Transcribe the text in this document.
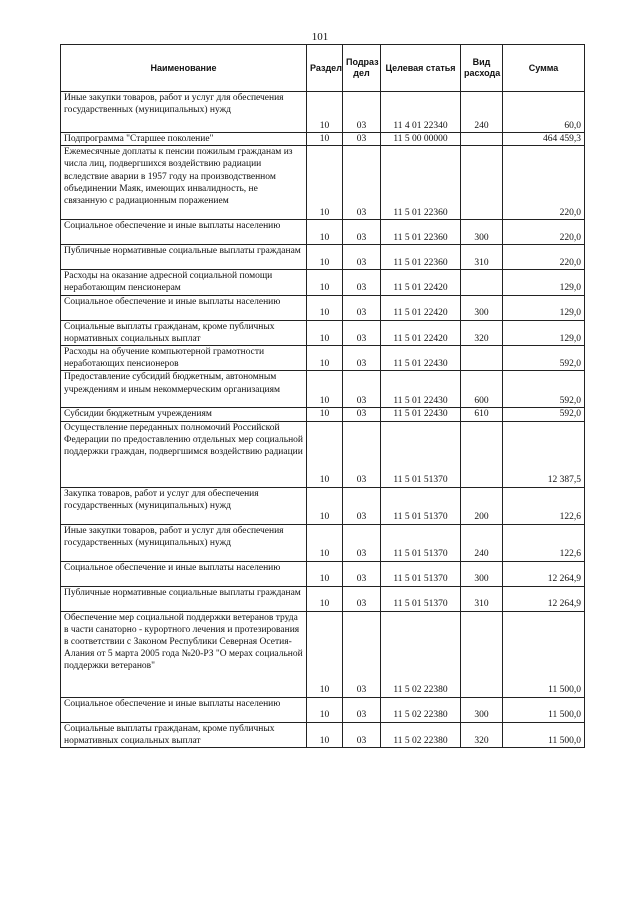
101
Наименование	Раздел	Подраз дел	Целевая статья	Вид расхода	Сумма
Иные закупки товаров, работ и услуг для обеспечения государственных (муниципальных) нужд	10	03	11 4 01 22340	240	60,0
Подпрограмма "Старшее поколение"	10	03	11 5 00 00000		464 459,3
Ежемесячные доплаты к пенсии пожилым гражданам из числа лиц, подвергшихся воздействию радиации вследствие аварии в 1957 году на производственном объединении Маяк, имеющих инвалидность, не связанную с радиационным поражением	10	03	11 5 01 22360		220,0
Социальное обеспечение и иные выплаты населению	10	03	11 5 01 22360	300	220,0
Публичные нормативные социальные выплаты гражданам	10	03	11 5 01 22360	310	220,0
Расходы на оказание адресной социальной помощи неработающим пенсионерам	10	03	11 5 01 22420		129,0
Социальное обеспечение и иные выплаты населению	10	03	11 5 01 22420	300	129,0
Социальные выплаты гражданам, кроме публичных нормативных социальных выплат	10	03	11 5 01 22420	320	129,0
Расходы на обучение компьютерной грамотности неработающих пенсионеров	10	03	11 5 01 22430		592,0
Предоставление субсидий бюджетным, автономным учреждениям и иным некоммерческим организациям	10	03	11 5 01 22430	600	592,0
Субсидии бюджетным учреждениям	10	03	11 5 01 22430	610	592,0
Осуществление переданных полномочий Российской Федерации по предоставлению отдельных мер социальной поддержки граждан, подвергшимся воздействию радиации	10	03	11 5 01 51370		12 387,5
Закупка товаров, работ и услуг для обеспечения государственных (муниципальных) нужд	10	03	11 5 01 51370	200	122,6
Иные закупки товаров, работ и услуг для обеспечения государственных (муниципальных) нужд	10	03	11 5 01 51370	240	122,6
Социальное обеспечение и иные выплаты населению	10	03	11 5 01 51370	300	12 264,9
Публичные нормативные социальные выплаты гражданам	10	03	11 5 01 51370	310	12 264,9
Обеспечение мер социальной поддержки ветеранов труда в части санаторно - курортного лечения и протезирования в соответствии с Законом Республики Северная Осетия-Алания от 5 марта 2005 года №20-РЗ "О мерах социальной поддержки ветеранов"	10	03	11 5 02 22380		11 500,0
Социальное обеспечение и иные выплаты населению	10	03	11 5 02 22380	300	11 500,0
Социальные выплаты гражданам, кроме публичных нормативных социальных выплат	10	03	11 5 02 22380	320	11 500,0
